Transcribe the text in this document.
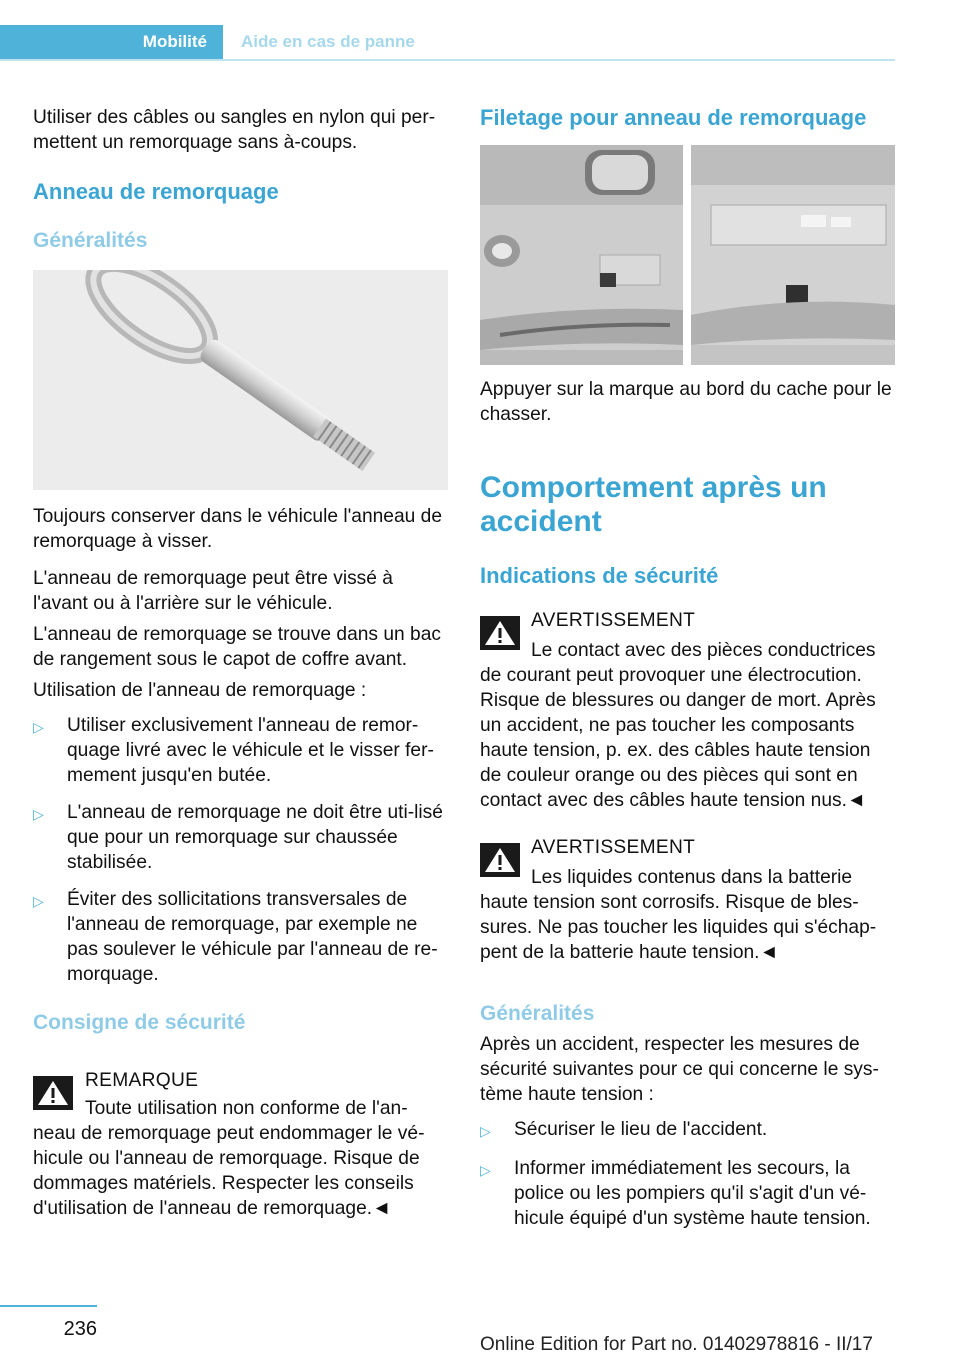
Mobilité Aide en cas de panne

Utiliser des câbles ou sangles en nylon qui per‐mettent un remorquage sans à-coups.

Anneau de remorquage
Généralités

Toujours conserver dans le véhicule l'anneau de remorquage à visser.

L'anneau de remorquage peut être vissé à l'avant ou à l'arrière sur le véhicule.

L'anneau de remorquage se trouve dans un bac de rangement sous le capot de coffre avant.

Utilisation de l'anneau de remorquage :

▷	Utiliser exclusivement l'anneau de remor‐quage livré avec le véhicule et le visser fer‐mement jusqu'en butée.
▷	L'anneau de remorquage ne doit être uti‐lisé que pour un remorquage sur chaussée stabilisée.
▷	Éviter des sollicitations transversales de l'anneau de remorquage, par exemple ne pas soulever le véhicule par l'anneau de re‐morquage.
Consigne de sécurité
REMARQUE
Toute utilisation non conforme de l'an‐
neau de remorquage peut endommager le vé‐hicule ou l'anneau de remorquage. Risque de dommages matériels. Respecter les conseils d'utilisation de l'anneau de remorquage.◄
Filetage pour anneau de remorquage

Appuyer sur la marque au bord du cache pour le chasser.

Comportement après un accident
Indications de sécurité
AVERTISSEMENT
Le contact avec des pièces conductrices
de courant peut provoquer une électrocution. Risque de blessures ou danger de mort. Après un accident, ne pas toucher les composants haute tension, p. ex. des câbles haute tension de couleur orange ou des pièces qui sont en contact avec des câbles haute tension nus.◄
AVERTISSEMENT
Les liquides contenus dans la batterie
haute tension sont corrosifs. Risque de bles‐sures. Ne pas toucher les liquides qui s'échap‐pent de la batterie haute tension.◄
Généralités

Après un accident, respecter les mesures de sécurité suivantes pour ce qui concerne le sys‐tème haute tension :

▷	Sécuriser le lieu de l'accident.
▷	Informer immédiatement les secours, la police ou les pompiers qu'il s'agit d'un vé‐hicule équipé d'un système haute tension.
236
Online Edition for Part no. 01402978816 - II/17
